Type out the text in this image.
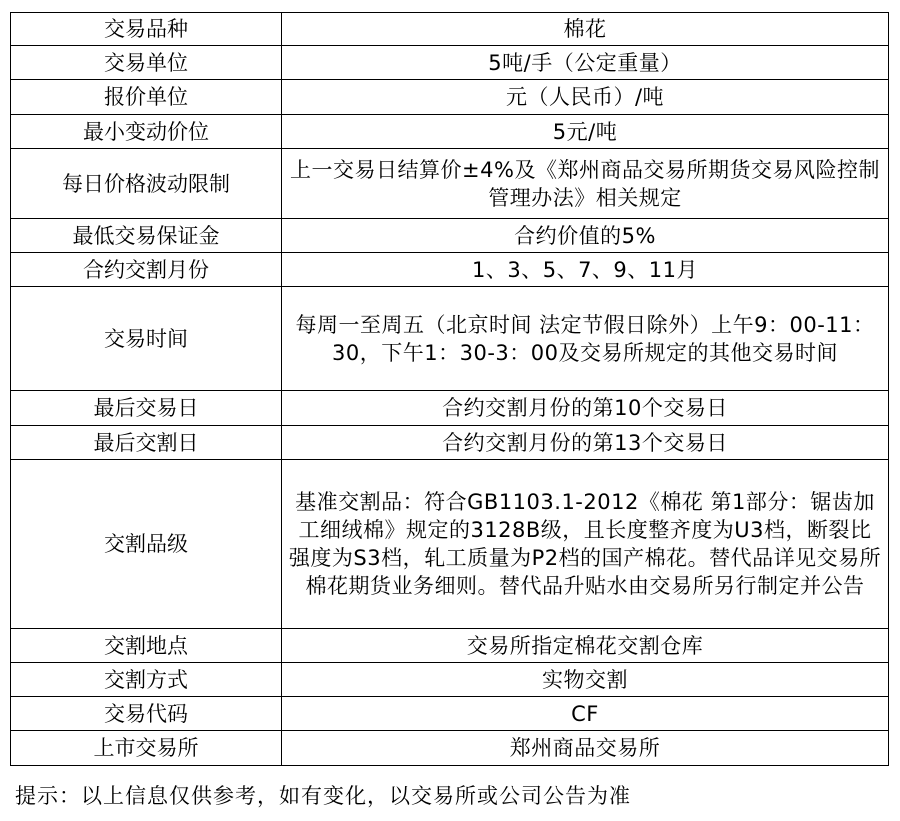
交易品种	棉花
交易单位	5吨/手（公定重量）
报价单位	元（人民币）/吨
最小变动价位	5元/吨
每日价格波动限制	上一交易日结算价±4%及《郑州商品交易所期货交易风险控制管理办法》相关规定
最低交易保证金	合约价值的5%
合约交割月份	1、3、5、7、9、11月
交易时间	每周一至周五（北京时间 法定节假日除外）上午9：00-11：30，下午1：30-3：00及交易所规定的其他交易时间
最后交易日	合约交割月份的第10个交易日
最后交割日	合约交割月份的第13个交易日
交割品级	基准交割品：符合GB1103.1-2012《棉花 第1部分：锯齿加工细绒棉》规定的3128B级，且长度整齐度为U3档，断裂比强度为S3档，轧工质量为P2档的国产棉花。替代品详见交易所棉花期货业务细则。替代品升贴水由交易所另行制定并公告
交割地点	交易所指定棉花交割仓库
交割方式	实物交割
交易代码	CF
上市交易所	郑州商品交易所
提示：以上信息仅供参考，如有变化，以交易所或公司公告为准
